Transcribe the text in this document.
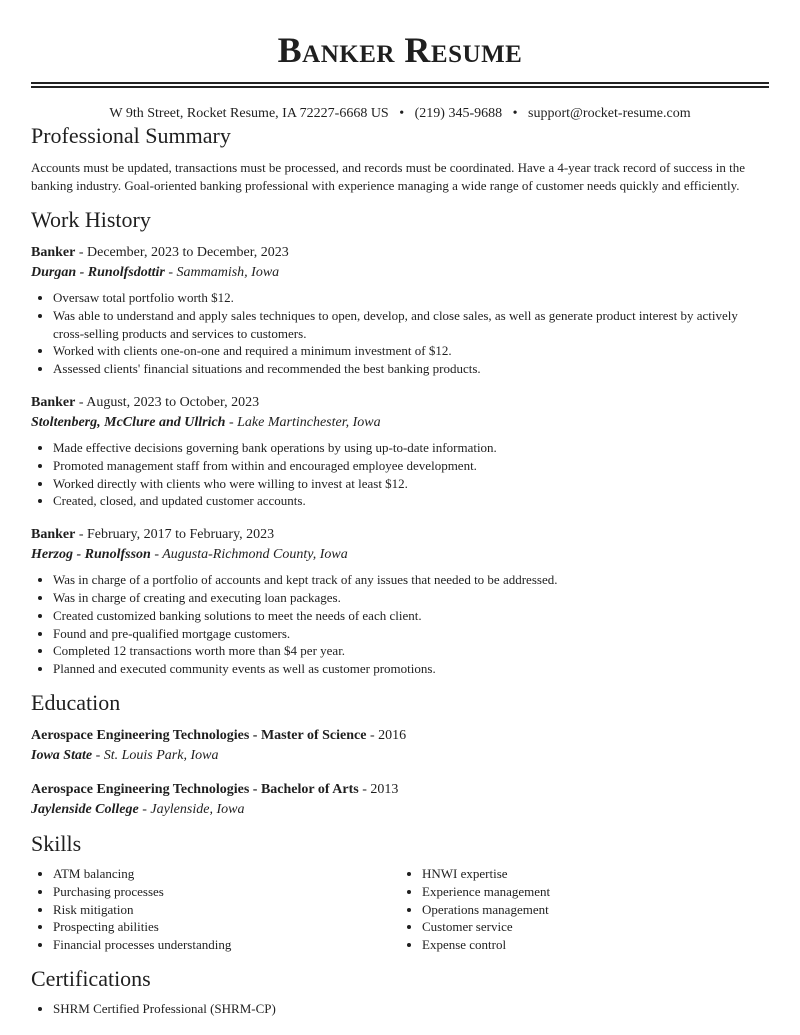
Banker Resume
W 9th Street, Rocket Resume, IA 72227-6668 US • (219) 345-9688 • support@rocket-resume.com
Professional Summary
Accounts must be updated, transactions must be processed, and records must be coordinated. Have a 4-year track record of success in the banking industry. Goal-oriented banking professional with experience managing a wide range of customer needs quickly and efficiently.
Work History
Banker - December, 2023 to December, 2023
Durgan - Runolfsdottir - Sammamish, Iowa
• Oversaw total portfolio worth $12.
• Was able to understand and apply sales techniques to open, develop, and close sales, as well as generate product interest by actively cross-selling products and services to customers.
• Worked with clients one-on-one and required a minimum investment of $12.
• Assessed clients' financial situations and recommended the best banking products.
Banker - August, 2023 to October, 2023
Stoltenberg, McClure and Ullrich - Lake Martinchester, Iowa
• Made effective decisions governing bank operations by using up-to-date information.
• Promoted management staff from within and encouraged employee development.
• Worked directly with clients who were willing to invest at least $12.
• Created, closed, and updated customer accounts.
Banker - February, 2017 to February, 2023
Herzog - Runolfsson - Augusta-Richmond County, Iowa
• Was in charge of a portfolio of accounts and kept track of any issues that needed to be addressed.
• Was in charge of creating and executing loan packages.
• Created customized banking solutions to meet the needs of each client.
• Found and pre-qualified mortgage customers.
• Completed 12 transactions worth more than $4 per year.
• Planned and executed community events as well as customer promotions.
Education
Aerospace Engineering Technologies - Master of Science - 2016
Iowa State - St. Louis Park, Iowa
Aerospace Engineering Technologies - Bachelor of Arts - 2013
Jaylenside College - Jaylenside, Iowa
Skills
• ATM balancing
• Purchasing processes
• Risk mitigation
• Prospecting abilities
• Financial processes understanding
• HNWI expertise
• Experience management
• Operations management
• Customer service
• Expense control
Certifications
• SHRM Certified Professional (SHRM-CP)
